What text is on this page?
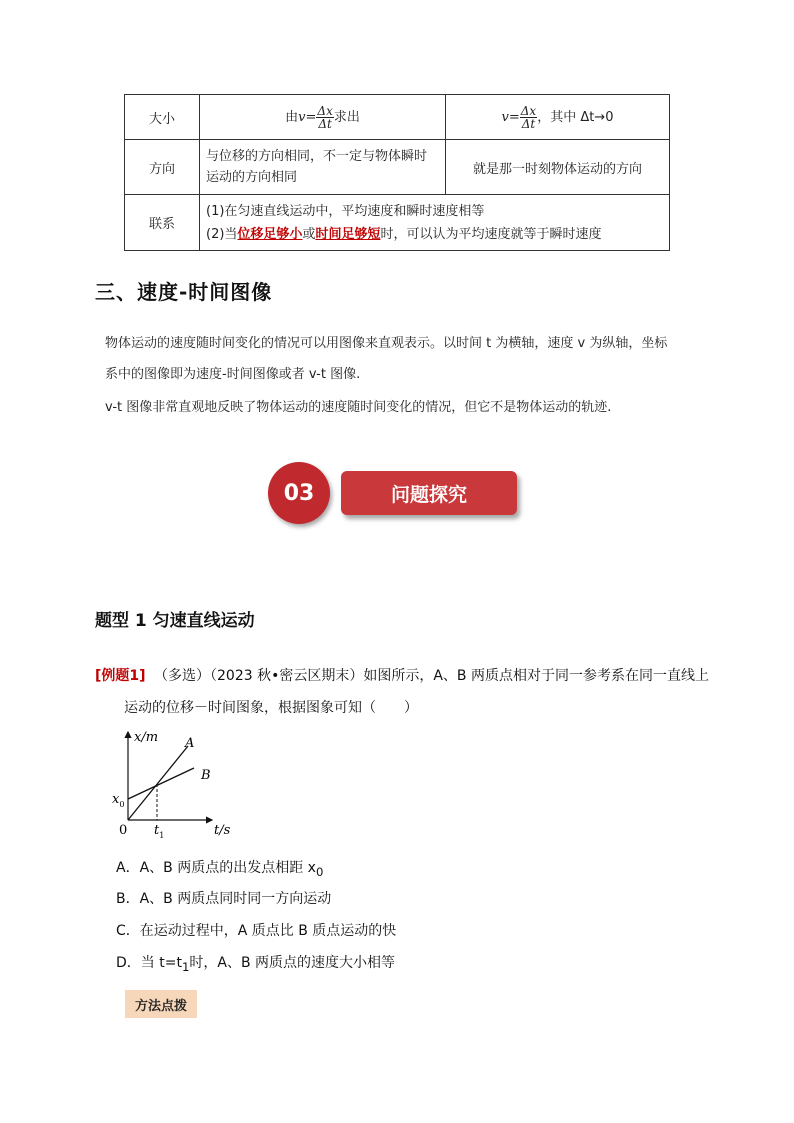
大小	由$v= \frac{\Delta x}{\Delta t}$ 求出	$v= \frac{\Delta x}{\Delta t}$ ，其中 Δt→0
方向	与位移的方向相同，不一定与物体瞬时运动的方向相同	就是那一时刻物体运动的方向
联系	(1)在匀速直线运动中，平均速度和瞬时速度相等
(2)当位移足够小或时间足够短时，可以认为平均速度就等于瞬时速度	
三、速度-时间图像
物体运动的速度随时间变化的情况可以用图像来直观表示。以时间 t 为横轴，速度 v 为纵轴，坐标
系中的图像即为速度-时间图像或者 v-t 图像.
v-t 图像非常直观地反映了物体运动的速度随时间变化的情况，但它不是物体运动的轨迹.
问题探究
03
题型 1 匀速直线运动
[例题1] （多选）（2023 秋•密云区期末）如图所示，A、B 两质点相对于同一参考系在同一直线上
运动的位移－时间图象，根据图象可知（　　）
x/m
t/s
0
$x_0$
$t_1$
A
B
A．A、B 两质点的出发点相距 $x_0$
B．A、B 两质点同时同一方向运动
C．在运动过程中，A 质点比 B 质点运动的快
D．当 $t=t_1$时，A、B 两质点的速度大小相等
方法点拨
